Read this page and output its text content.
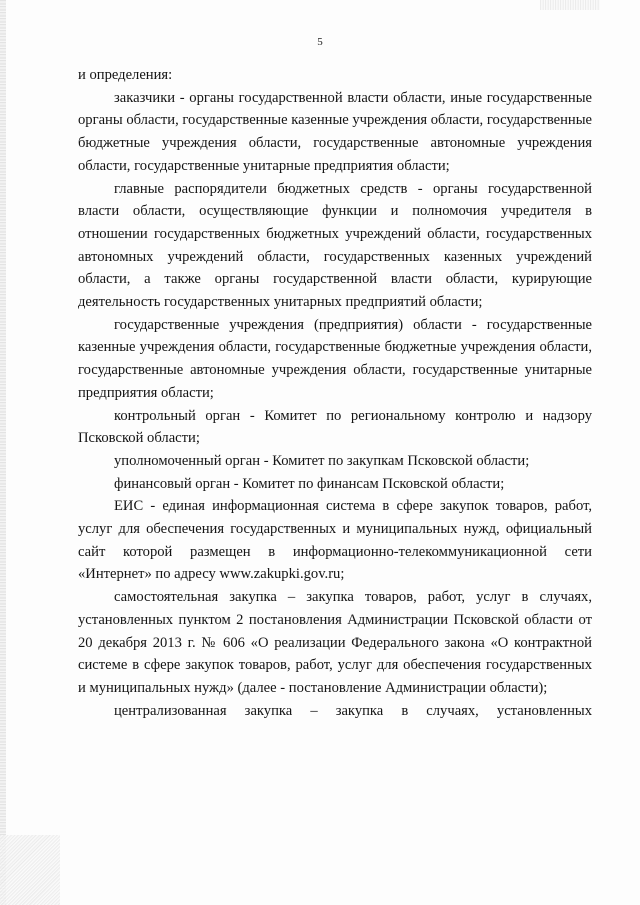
5

и определения:

заказчики - органы государственной власти области, иные государственные органы области, государственные казенные учреждения области, государственные бюджетные учреждения области, государственные автономные учреждения области, государственные унитарные предприятия области;

главные распорядители бюджетных средств - органы государственной власти области, осуществляющие функции и полномочия учредителя в отношении государственных бюджетных учреждений области, государственных автономных учреждений области, государственных казенных учреждений области, а также органы государственной власти области, курирующие деятельность государственных унитарных предприятий области;

государственные учреждения (предприятия) области - государственные казенные учреждения области, государственные бюджетные учреждения области, государственные автономные учреждения области, государственные унитарные предприятия области;

контрольный орган - Комитет по региональному контролю и надзору Псковской области;

уполномоченный орган - Комитет по закупкам Псковской области;

финансовый орган - Комитет по финансам Псковской области;

ЕИС - единая информационная система в сфере закупок товаров, работ, услуг для обеспечения государственных и муниципальных нужд, официальный сайт которой размещен в информационно-телекоммуникационной сети «Интернет» по адресу www.zakupki.gov.ru;

самостоятельная закупка – закупка товаров, работ, услуг в случаях, установленных пунктом 2 постановления Администрации Псковской области от 20 декабря 2013 г. № 606 «О реализации Федерального закона «О контрактной системе в сфере закупок товаров, работ, услуг для обеспечения государственных и муниципальных нужд» (далее - постановление Администрации области);

централизованная закупка – закупка в случаях, установленных
